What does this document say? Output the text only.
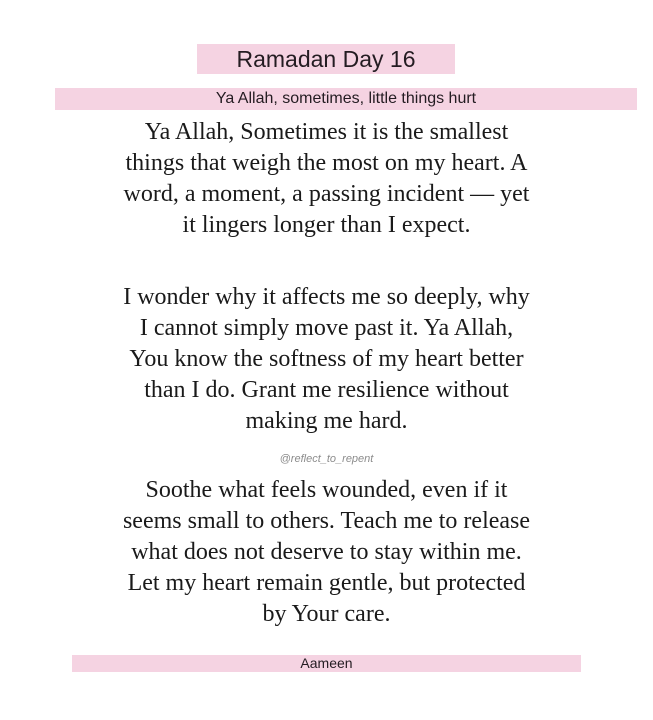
Ramadan Day 16
Ya Allah, sometimes, little things hurt
Ya Allah, Sometimes it is the smallest
things that weigh the most on my heart. A
word, a moment, a passing incident — yet
it lingers longer than I expect.
I wonder why it affects me so deeply, why
I cannot simply move past it. Ya Allah,
You know the softness of my heart better
than I do. Grant me resilience without
making me hard.
@reflect_to_repent
Soothe what feels wounded, even if it
seems small to others. Teach me to release
what does not deserve to stay within me.
Let my heart remain gentle, but protected
by Your care.
Aameen
